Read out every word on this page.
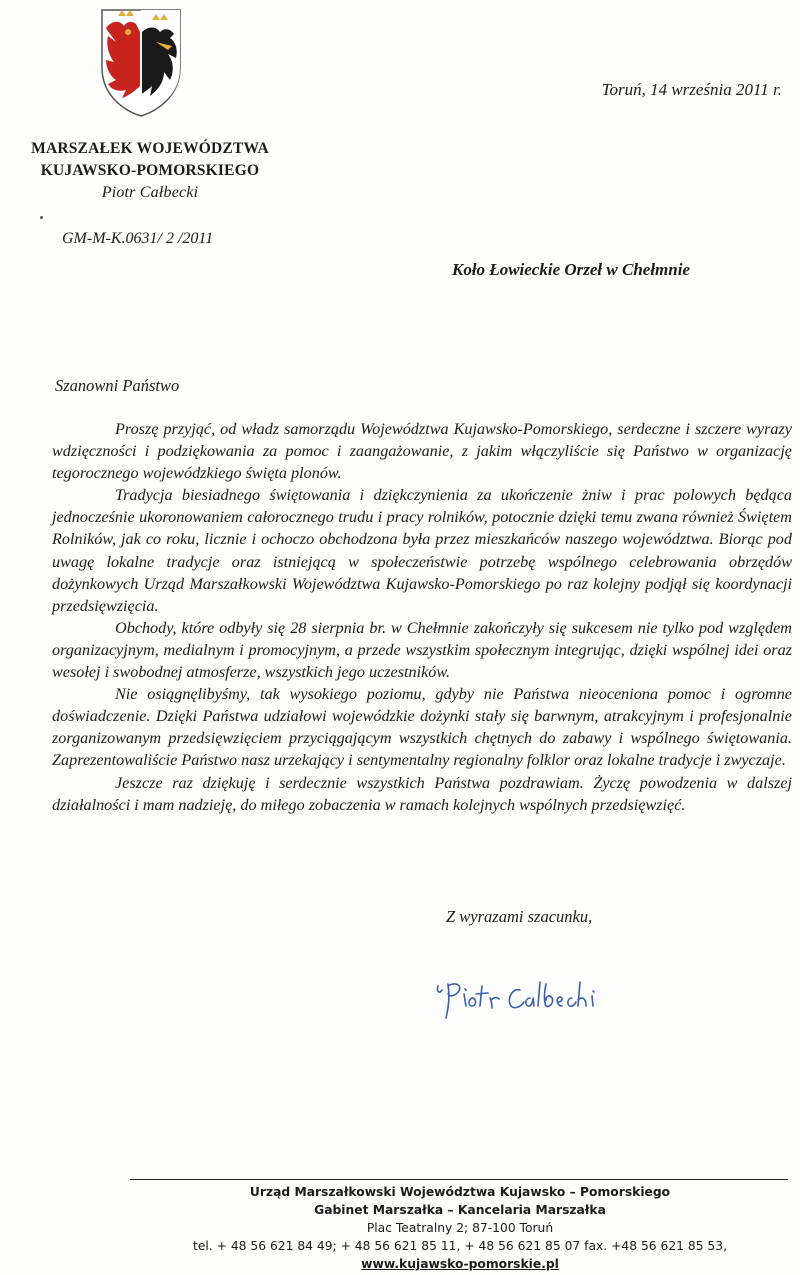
Toruń, 14 września 2011 r.
MARSZAŁEK WOJEWÓDZTWA
KUJAWSKO-POMORSKIEGO
Piotr Całbecki
GM-M-K.0631/ 2 /2011
Koło Łowieckie Orzeł w Chełmnie
Szanowni Państwo

Proszę przyjąć, od władz samorządu Województwa Kujawsko-Pomorskiego, serdeczne i szczere wyrazy wdzięczności i podziękowania za pomoc i zaangażowanie, z jakim włączyliście się Państwo w organizację tegorocznego wojewódzkiego święta plonów.

Tradycja biesiadnego świętowania i dziękczynienia za ukończenie żniw i prac polowych będąca jednocześnie ukoronowaniem całorocznego trudu i pracy rolników, potocznie dzięki temu zwana również Świętem Rolników, jak co roku, licznie i ochoczo obchodzona była przez mieszkańców naszego województwa. Biorąc pod uwagę lokalne tradycje oraz istniejącą w społeczeństwie potrzebę wspólnego celebrowania obrzędów dożynkowych Urząd Marszałkowski Województwa Kujawsko-Pomorskiego po raz kolejny podjął się koordynacji przedsięwzięcia.

Obchody, które odbyły się 28 sierpnia br. w Chełmnie zakończyły się sukcesem nie tylko pod względem organizacyjnym, medialnym i promocyjnym, a przede wszystkim społecznym integrując, dzięki wspólnej idei oraz wesołej i swobodnej atmosferze, wszystkich jego uczestników.

Nie osiągnęlibyśmy, tak wysokiego poziomu, gdyby nie Państwa nieoceniona pomoc i ogromne doświadczenie. Dzięki Państwa udziałowi wojewódzkie dożynki stały się barwnym, atrakcyjnym i profesjonalnie zorganizowanym przedsięwzięciem przyciągającym wszystkich chętnych do zabawy i wspólnego świętowania. Zaprezentowaliście Państwo nasz urzekający i sentymentalny regionalny folklor oraz lokalne tradycje i zwyczaje.

Jeszcze raz dziękuję i serdecznie wszystkich Państwa pozdrawiam. Życzę powodzenia w dalszej działalności i mam nadzieję, do miłego zobaczenia w ramach kolejnych wspólnych przedsięwzięć.

Z wyrazami szacunku,
Urząd Marszałkowski Województwa Kujawsko – Pomorskiego
Gabinet Marszałka – Kancelaria Marszałka
Plac Teatralny 2; 87-100 Toruń
tel. + 48 56 621 84 49; + 48 56 621 85 11, + 48 56 621 85 07 fax. +48 56 621 85 53,
www.kujawsko-pomorskie.pl
